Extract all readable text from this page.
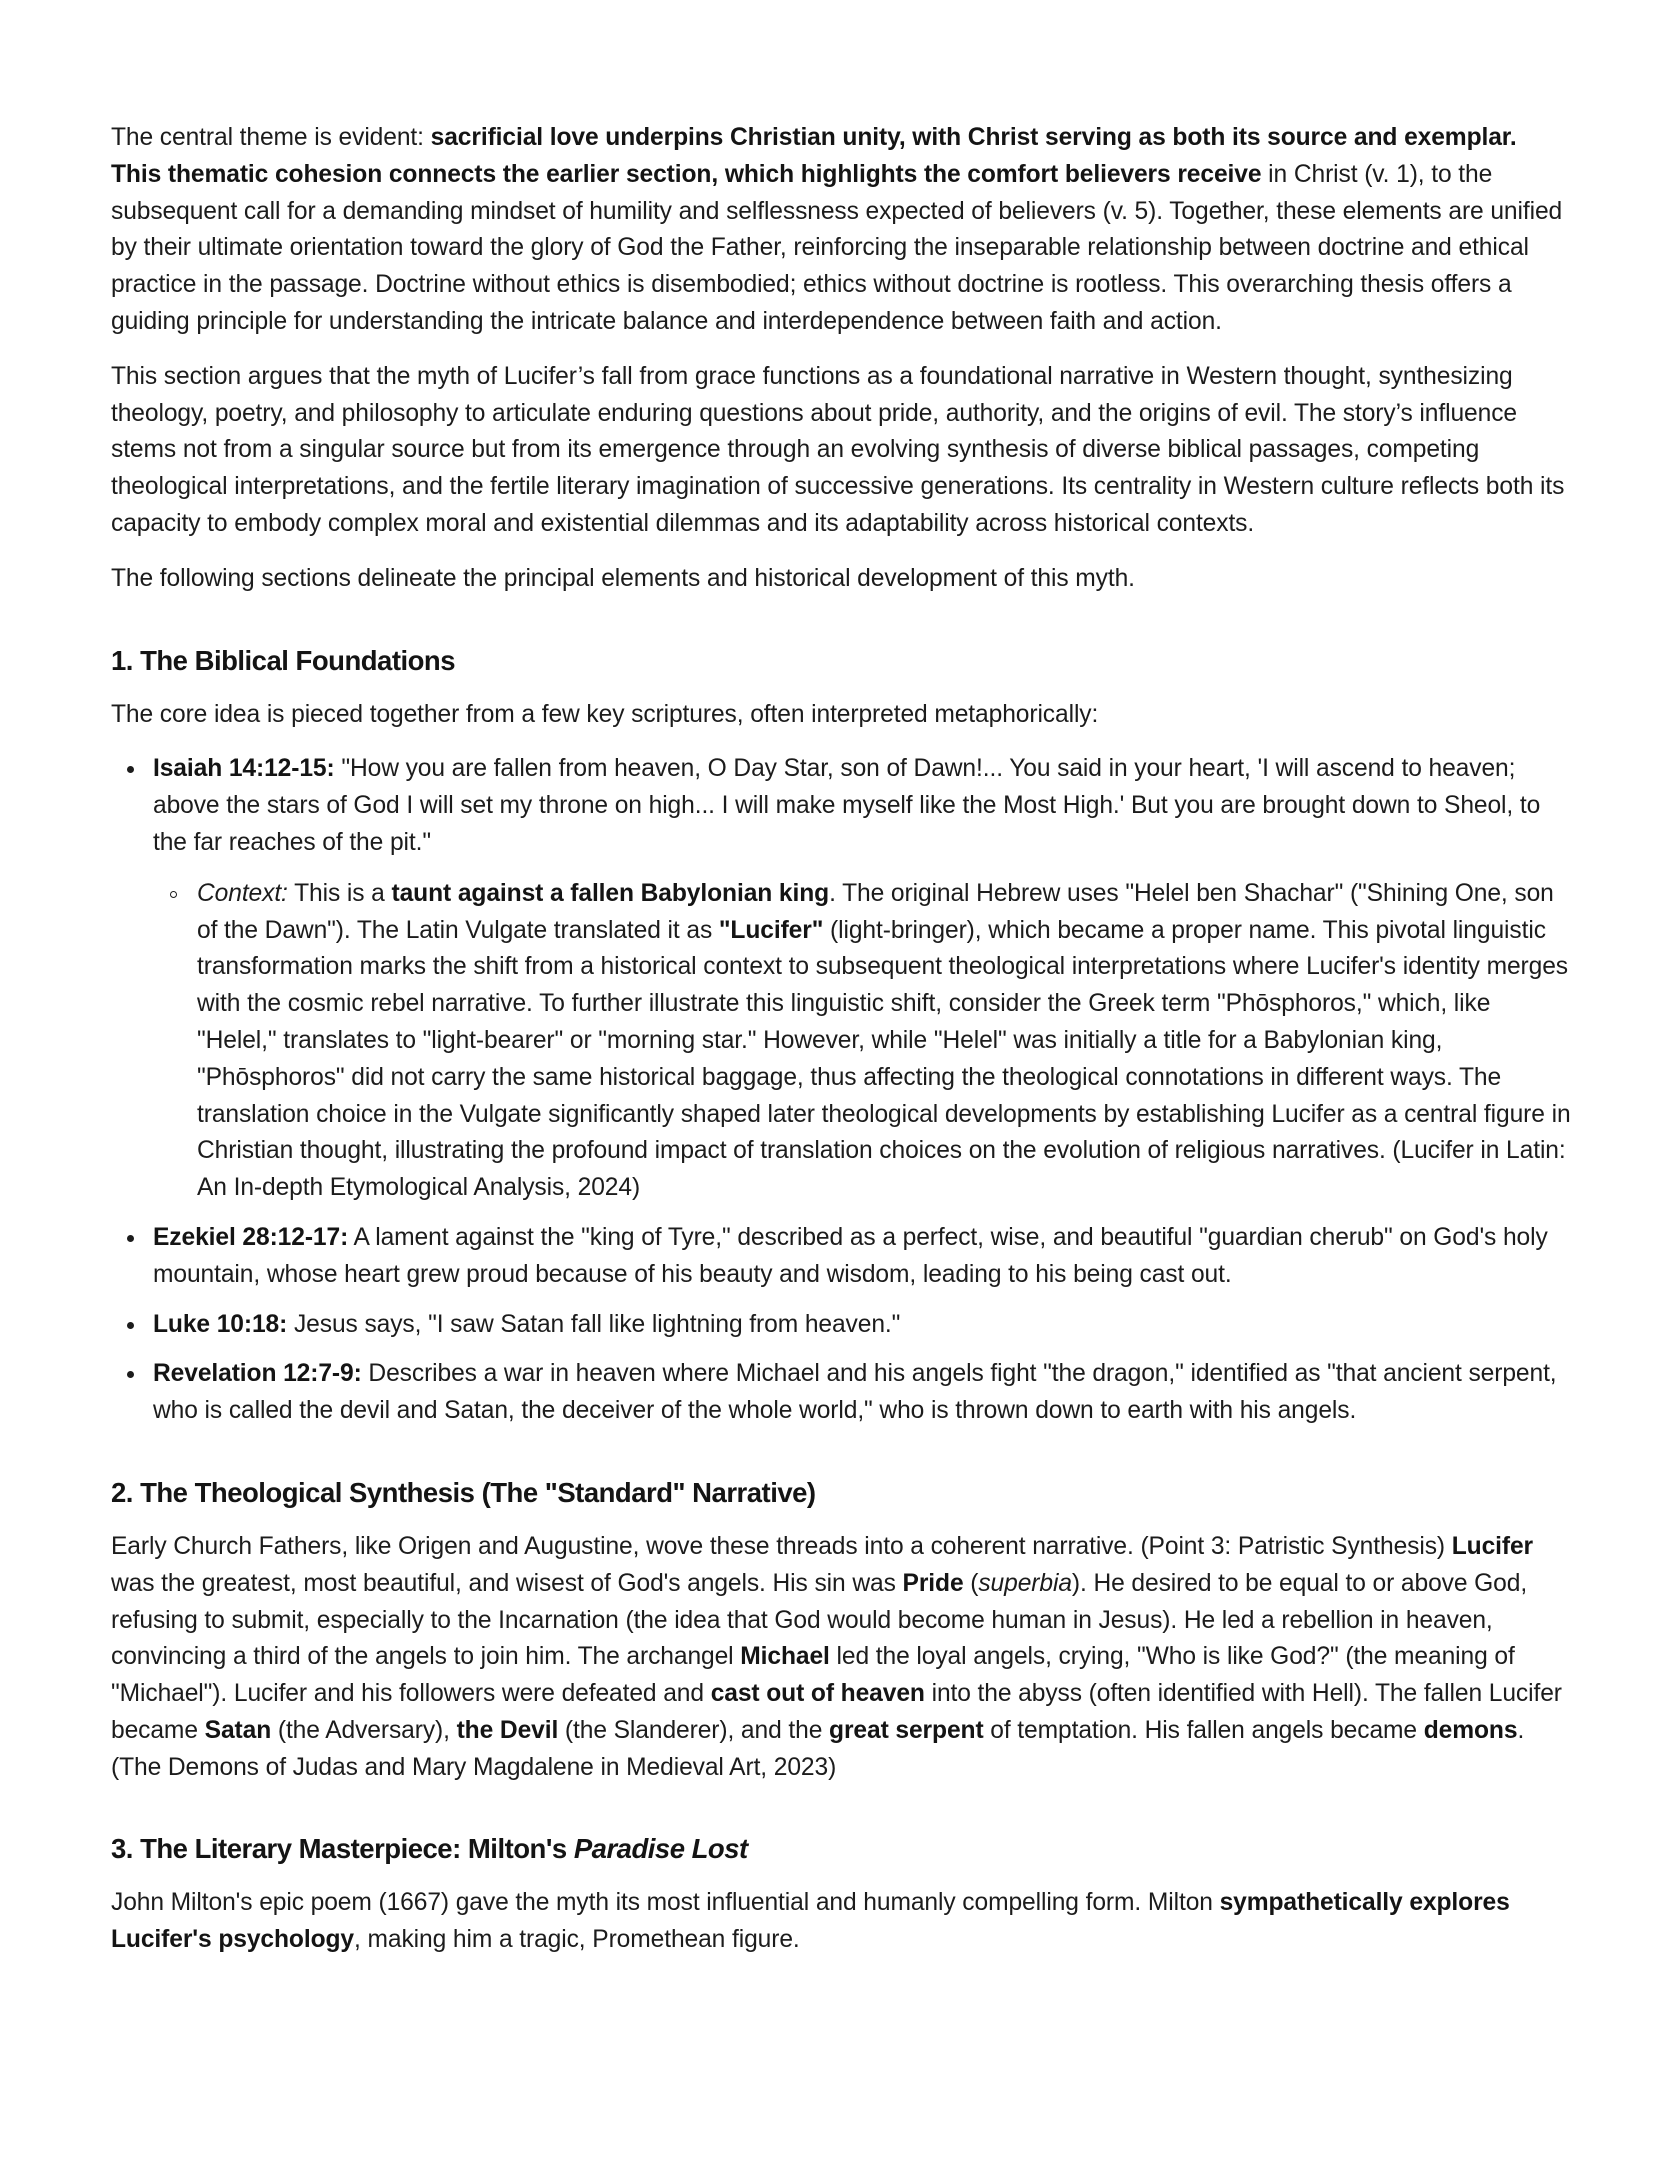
The central theme is evident: sacrificial love underpins Christian unity, with Christ serving as both its source and exemplar. This thematic cohesion connects the earlier section, which highlights the comfort believers receive in Christ (v. 1), to the subsequent call for a demanding mindset of humility and selflessness expected of believers (v. 5). Together, these elements are unified by their ultimate orientation toward the glory of God the Father, reinforcing the inseparable relationship between doctrine and ethical practice in the passage. Doctrine without ethics is disembodied; ethics without doctrine is rootless. This overarching thesis offers a guiding principle for understanding the intricate balance and interdependence between faith and action.

This section argues that the myth of Lucifer’s fall from grace functions as a foundational narrative in Western thought, synthesizing theology, poetry, and philosophy to articulate enduring questions about pride, authority, and the origins of evil. The story’s influence stems not from a singular source but from its emergence through an evolving synthesis of diverse biblical passages, competing theological interpretations, and the fertile literary imagination of successive generations. Its centrality in Western culture reflects both its capacity to embody complex moral and existential dilemmas and its adaptability across historical contexts.

The following sections delineate the principal elements and historical development of this myth.

1. The Biblical Foundations

The core idea is pieced together from a few key scriptures, often interpreted metaphorically:

Isaiah 14:12-15: "How you are fallen from heaven, O Day Star, son of Dawn!... You said in your heart, 'I will ascend to heaven; above the stars of God I will set my throne on high... I will make myself like the Most High.' But you are brought down to Sheol, to the far reaches of the pit."
Context: This is a taunt against a fallen Babylonian king. The original Hebrew uses "Helel ben Shachar" ("Shining One, son of the Dawn"). The Latin Vulgate translated it as "Lucifer" (light-bringer), which became a proper name. This pivotal linguistic transformation marks the shift from a historical context to subsequent theological interpretations where Lucifer's identity merges with the cosmic rebel narrative. To further illustrate this linguistic shift, consider the Greek term "Phōsphoros," which, like "Helel," translates to "light-bearer" or "morning star." However, while "Helel" was initially a title for a Babylonian king, "Phōsphoros" did not carry the same historical baggage, thus affecting the theological connotations in different ways. The translation choice in the Vulgate significantly shaped later theological developments by establishing Lucifer as a central figure in Christian thought, illustrating the profound impact of translation choices on the evolution of religious narratives. (Lucifer in Latin: An In-depth Etymological Analysis, 2024)
Ezekiel 28:12-17: A lament against the "king of Tyre," described as a perfect, wise, and beautiful "guardian cherub" on God's holy mountain, whose heart grew proud because of his beauty and wisdom, leading to his being cast out.
Luke 10:18: Jesus says, "I saw Satan fall like lightning from heaven."
Revelation 12:7-9: Describes a war in heaven where Michael and his angels fight "the dragon," identified as "that ancient serpent, who is called the devil and Satan, the deceiver of the whole world," who is thrown down to earth with his angels.
2. The Theological Synthesis (The "Standard" Narrative)

Early Church Fathers, like Origen and Augustine, wove these threads into a coherent narrative. (Point 3: Patristic Synthesis) Lucifer was the greatest, most beautiful, and wisest of God's angels. His sin was Pride (superbia). He desired to be equal to or above God, refusing to submit, especially to the Incarnation (the idea that God would become human in Jesus). He led a rebellion in heaven, convincing a third of the angels to join him. The archangel Michael led the loyal angels, crying, "Who is like God?" (the meaning of "Michael"). Lucifer and his followers were defeated and cast out of heaven into the abyss (often identified with Hell). The fallen Lucifer became Satan (the Adversary), the Devil (the Slanderer), and the great serpent of temptation. His fallen angels became demons. (The Demons of Judas and Mary Magdalene in Medieval Art, 2023)

3. The Literary Masterpiece: Milton's Paradise Lost

John Milton's epic poem (1667) gave the myth its most influential and humanly compelling form. Milton sympathetically explores Lucifer's psychology, making him a tragic, Promethean figure.
